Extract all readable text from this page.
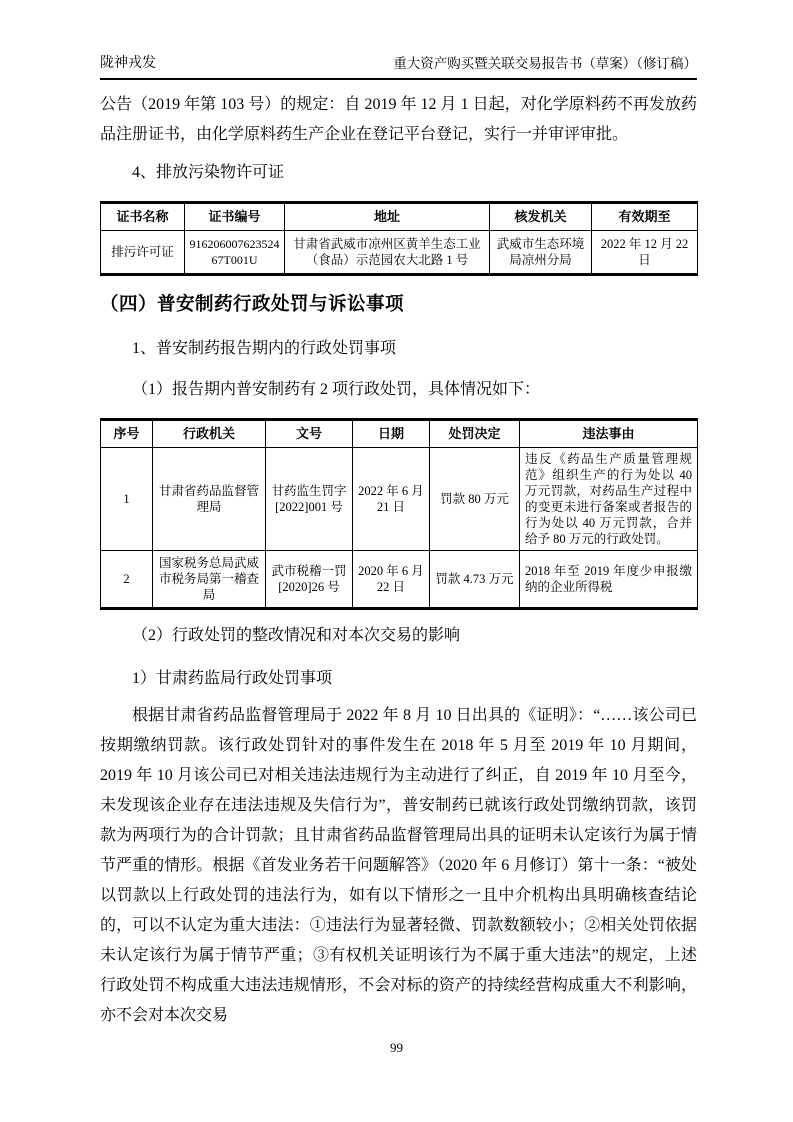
陇神戎发	重大资产购买暨关联交易报告书（草案）（修订稿）

公告（2019 年第 103 号）的规定：自 2019 年 12 月 1 日起，对化学原料药不再发放药品注册证书，由化学原料药生产企业在登记平台登记，实行一并审评审批。

4、排放污染物许可证

证书名称	证书编号	地址	核发机关	有效期至
排污许可证	91620600762352467T001U	甘肃省武威市凉州区黄羊生态工业（食品）示范园农大北路 1 号	武威市生态环境局凉州分局	2022 年 12 月 22 日
（四）普安制药行政处罚与诉讼事项

1、普安制药报告期内的行政处罚事项

（1）报告期内普安制药有 2 项行政处罚，具体情况如下：

序号	行政机关	文号	日期	处罚决定	违法事由
1	甘肃省药品监督管理局	甘药监生罚字[2022]001 号	2022 年 6 月 21 日	罚款 80 万元	违反《药品生产质量管理规范》组织生产的行为处以 40 万元罚款，对药品生产过程中的变更未进行备案或者报告的行为处以 40 万元罚款，合并给予 80 万元的行政处罚。
2	国家税务总局武威市税务局第一稽查局	武市税稽一罚[2020]26 号	2020 年 6 月 22 日	罚款 4.73 万元	2018 年至 2019 年度少申报缴纳的企业所得税

（2）行政处罚的整改情况和对本次交易的影响

1）甘肃药监局行政处罚事项

根据甘肃省药品监督管理局于 2022 年 8 月 10 日出具的《证明》：“……该公司已按期缴纳罚款。该行政处罚针对的事件发生在 2018 年 5 月至 2019 年 10 月期间，2019 年 10 月该公司已对相关违法违规行为主动进行了纠正，自 2019 年 10 月至今，未发现该企业存在违法违规及失信行为”，普安制药已就该行政处罚缴纳罚款，该罚款为两项行为的合计罚款；且甘肃省药品监督管理局出具的证明未认定该行为属于情节严重的情形。根据《首发业务若干问题解答》（2020 年 6 月修订）第十一条：“被处以罚款以上行政处罚的违法行为，如有以下情形之一且中介机构出具明确核查结论的，可以不认定为重大违法：①违法行为显著轻微、罚款数额较小；②相关处罚依据未认定该行为属于情节严重；③有权机关证明该行为不属于重大违法”的规定，上述行政处罚不构成重大违法违规情形，不会对标的资产的持续经营构成重大不利影响，亦不会对本次交易

99
